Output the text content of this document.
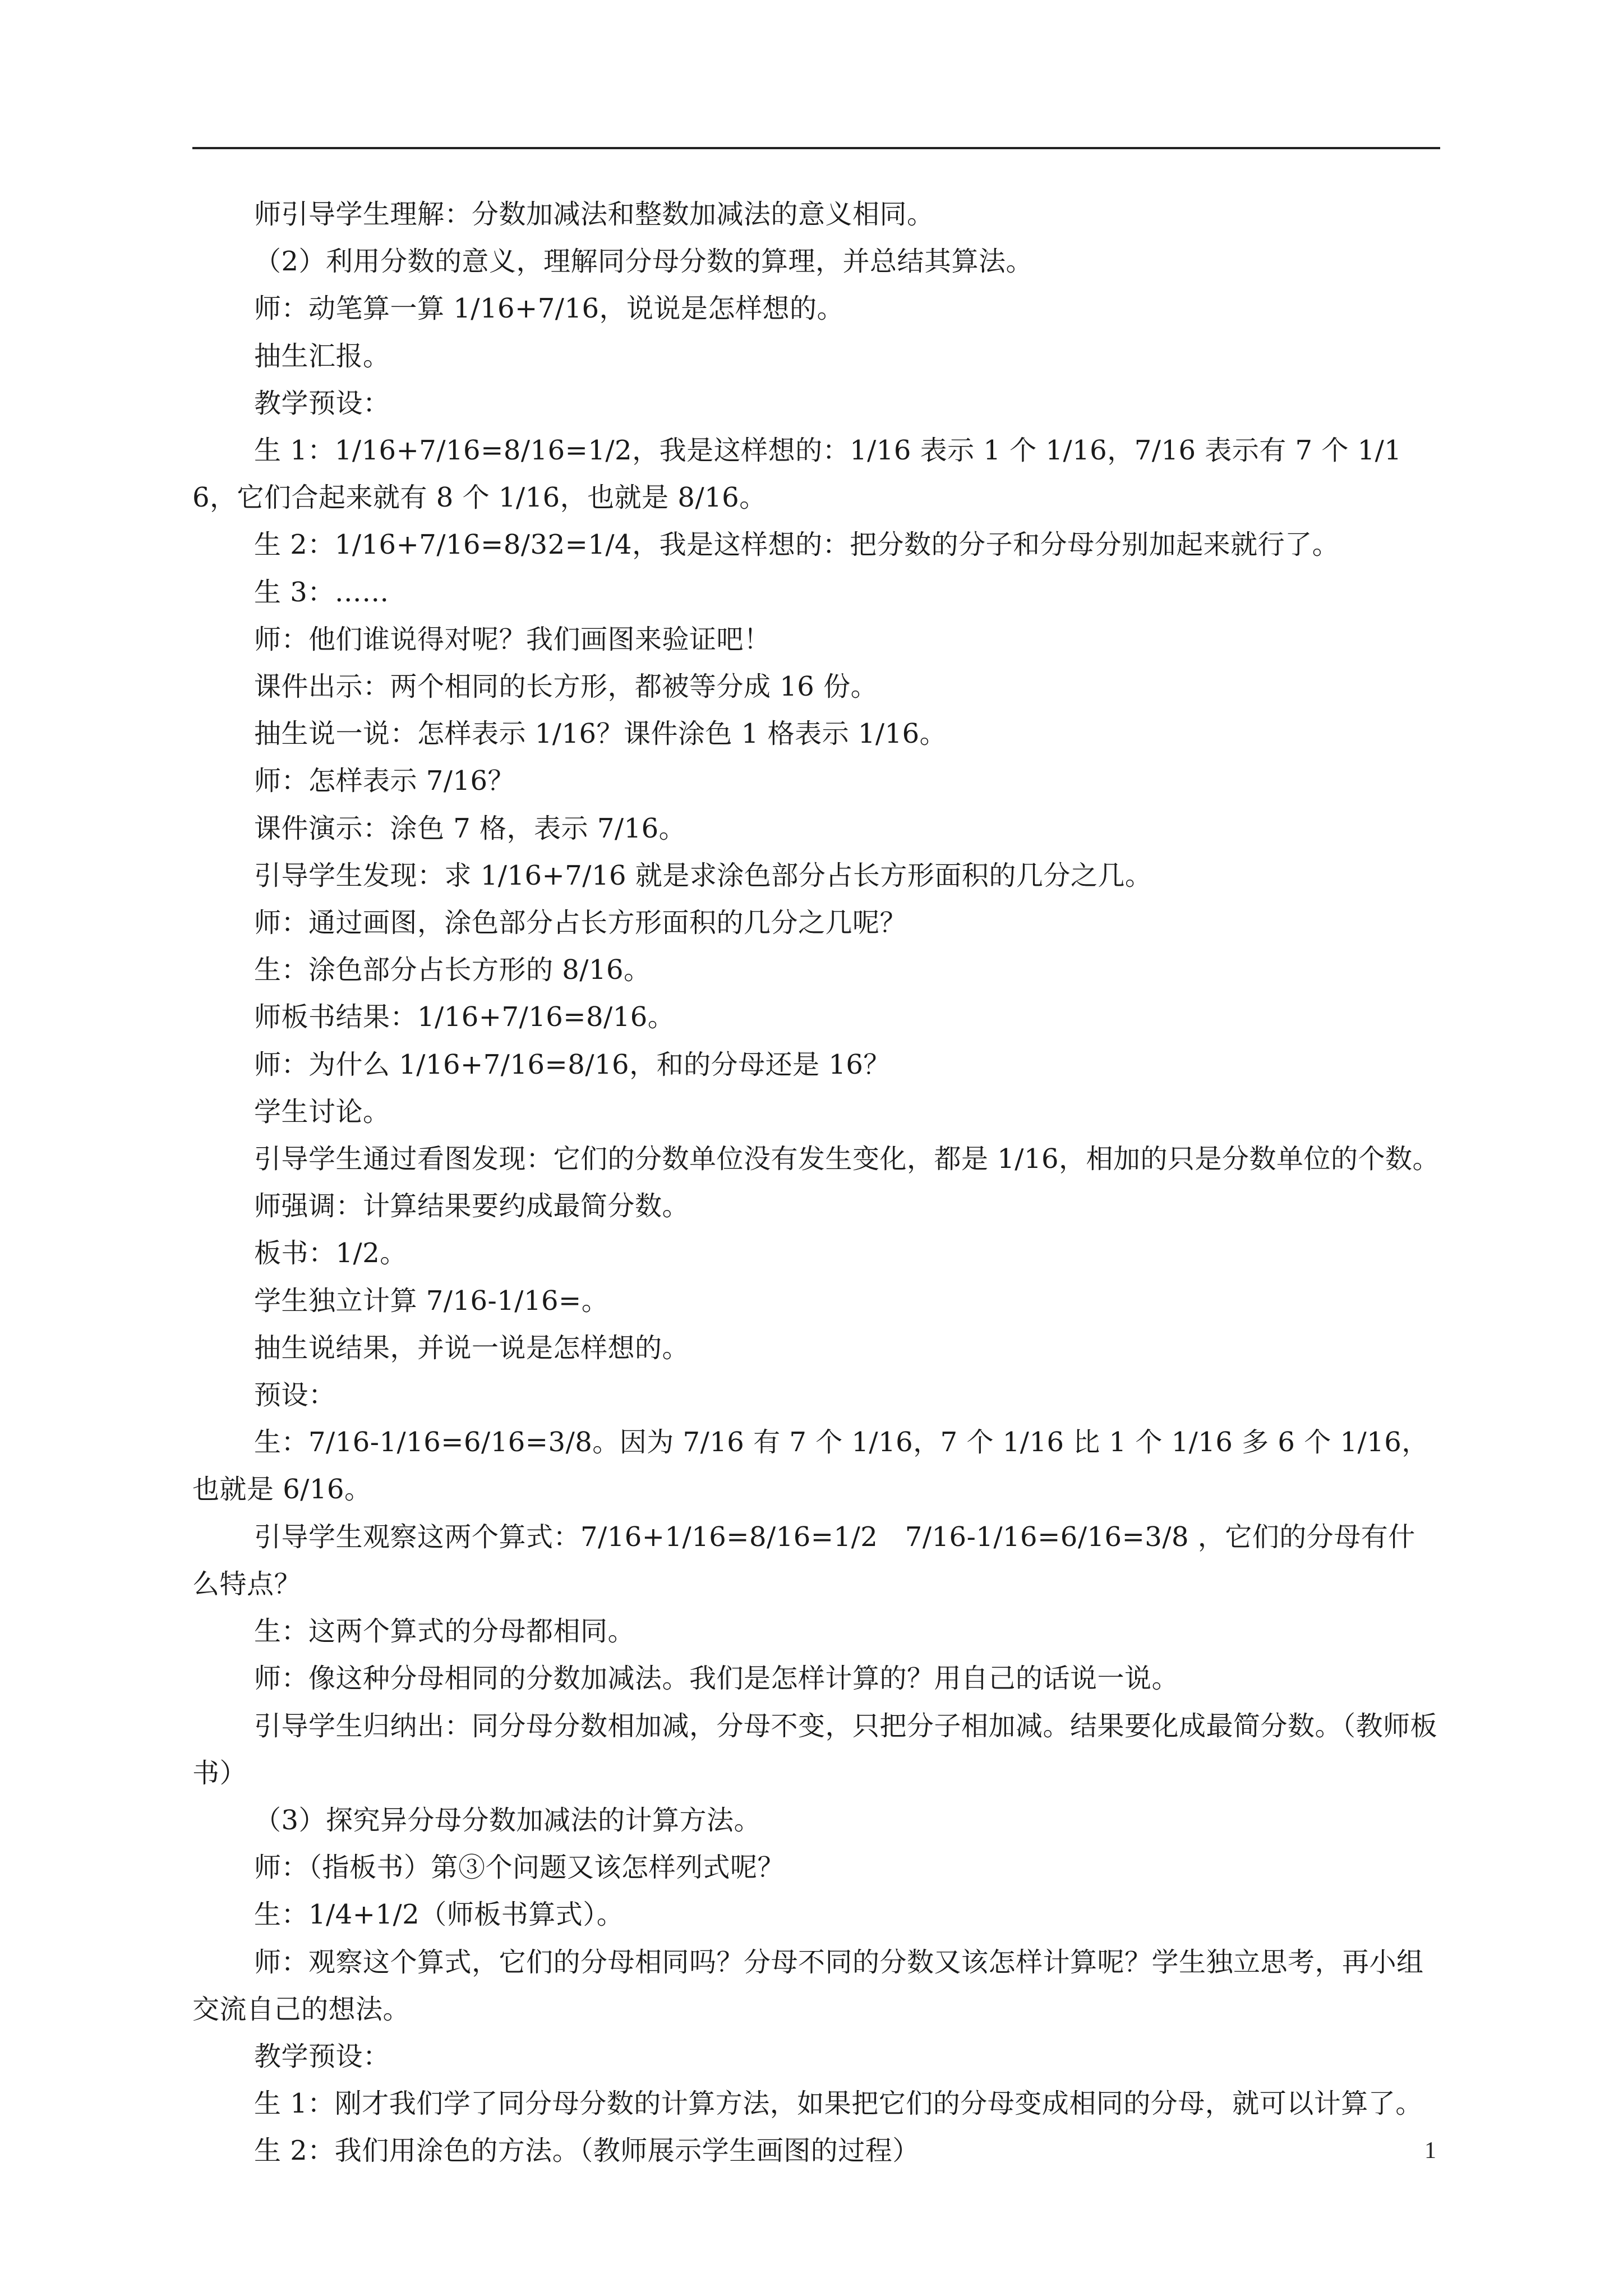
师引导学生理解：分数加减法和整数加减法的意义相同。

（2）利用分数的意义，理解同分母分数的算理，并总结其算法。

师：动笔算一算 1/16+7/16，说说是怎样想的。

抽生汇报。

教学预设：

生 1：1/16+7/16=8/16=1/2，我是这样想的：1/16 表示 1 个 1/16，7/16 表示有 7 个 1/16，它们合起来就有 8 个 1/16，也就是 8/16。

生 2：1/16+7/16=8/32=1/4，我是这样想的：把分数的分子和分母分别加起来就行了。

生 3：……

师：他们谁说得对呢？我们画图来验证吧！

课件出示：两个相同的长方形，都被等分成 16 份。

抽生说一说：怎样表示 1/16？课件涂色 1 格表示 1/16。

师：怎样表示 7/16？

课件演示：涂色 7 格，表示 7/16。

引导学生发现：求 1/16+7/16 就是求涂色部分占长方形面积的几分之几。

师：通过画图，涂色部分占长方形面积的几分之几呢？

生：涂色部分占长方形的 8/16。

师板书结果：1/16+7/16=8/16。

师：为什么 1/16+7/16=8/16，和的分母还是 16？

学生讨论。

引导学生通过看图发现：它们的分数单位没有发生变化，都是 1/16，相加的只是分数单位的个数。

师强调：计算结果要约成最简分数。

板书：1/2。

学生独立计算 7/16-1/16=。

抽生说结果，并说一说是怎样想的。

预设：

生：7/16-1/16=6/16=3/8。因为 7/16 有 7 个 1/16，7 个 1/16 比 1 个 1/16 多 6 个 1/16，也就是 6/16。

引导学生观察这两个算式：7/16+1/16=8/16=1/2　7/16-1/16=6/16=3/8 ，它们的分母有什么特点？

生：这两个算式的分母都相同。

师：像这种分母相同的分数加减法。我们是怎样计算的？用自己的话说一说。

引导学生归纳出：同分母分数相加减，分母不变，只把分子相加减。结果要化成最简分数。（教师板书）

（3）探究异分母分数加减法的计算方法。

师：（指板书）第③个问题又该怎样列式呢？

生：1/4+1/2（师板书算式）。

师：观察这个算式，它们的分母相同吗？分母不同的分数又该怎样计算呢？学生独立思考，再小组交流自己的想法。

教学预设：

生 1：刚才我们学了同分母分数的计算方法，如果把它们的分母变成相同的分母，就可以计算了。

生 2：我们用涂色的方法。（教师展示学生画图的过程）	1
